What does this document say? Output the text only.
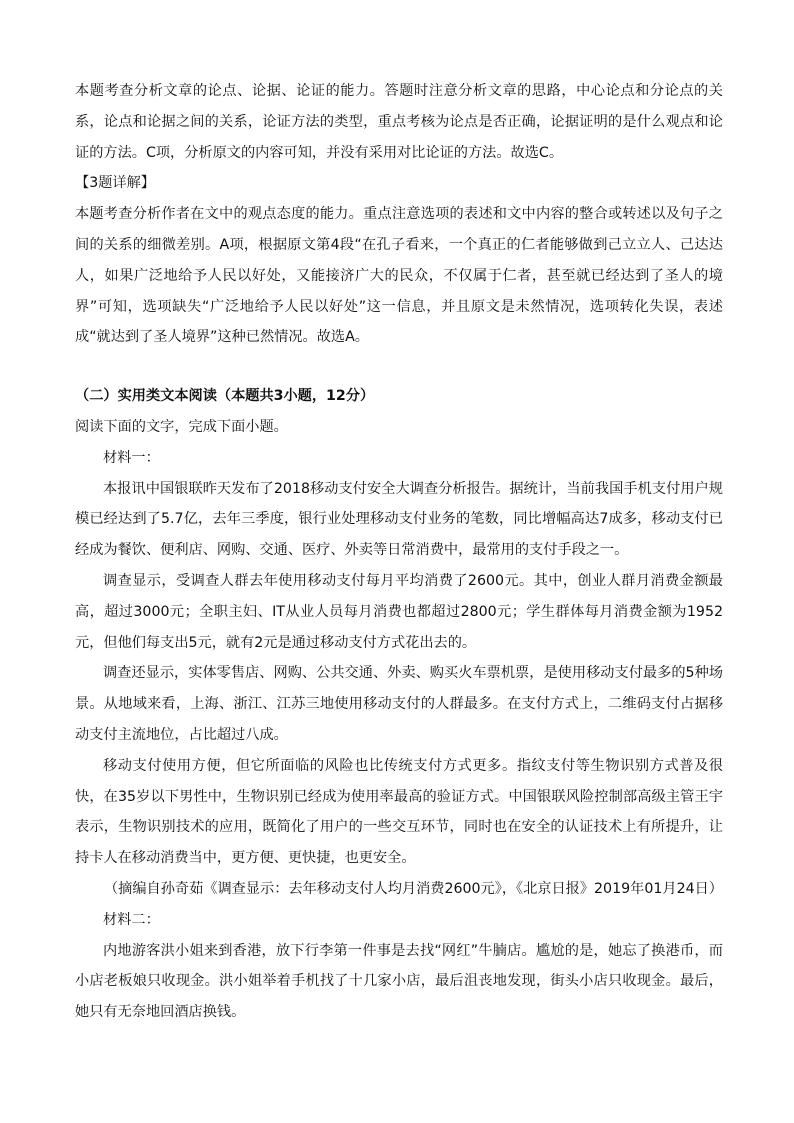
本题考查分析文章的论点、论据、论证的能力。答题时注意分析文章的思路，中心论点和分论点的关系，论点和论据之间的关系，论证方法的类型，重点考核为论点是否正确，论据证明的是什么观点和论证的方法。C项，分析原文的内容可知，并没有采用对比论证的方法。故选C。

【3题详解】

本题考查分析作者在文中的观点态度的能力。重点注意选项的表述和文中内容的整合或转述以及句子之间的关系的细微差别。A项，根据原文第4段“在孔子看来，一个真正的仁者能够做到己立立人、己达达人，如果广泛地给予人民以好处，又能接济广大的民众，不仅属于仁者，甚至就已经达到了圣人的境界”可知，选项缺失“广泛地给予人民以好处”这一信息，并且原文是未然情况，选项转化失误，表述成“就达到了圣人境界”这种已然情况。故选A。

（二）实用类文本阅读（本题共3小题，12分）

阅读下面的文字，完成下面小题。

材料一：

本报讯中国银联昨天发布了2018移动支付安全大调查分析报告。据统计，当前我国手机支付用户规模已经达到了5.7亿，去年三季度，银行业处理移动支付业务的笔数，同比增幅高达7成多，移动支付已经成为餐饮、便利店、网购、交通、医疗、外卖等日常消费中，最常用的支付手段之一。

调查显示，受调查人群去年使用移动支付每月平均消费了2600元。其中，创业人群月消费金额最高，超过3000元；全职主妇、IT从业人员每月消费也都超过2800元；学生群体每月消费金额为1952元，但他们每支出5元，就有2元是通过移动支付方式花出去的。

调查还显示，实体零售店、网购、公共交通、外卖、购买火车票机票，是使用移动支付最多的5种场景。从地域来看，上海、浙江、江苏三地使用移动支付的人群最多。在支付方式上，二维码支付占据移动支付主流地位，占比超过八成。

移动支付使用方便，但它所面临的风险也比传统支付方式更多。指纹支付等生物识别方式普及很快，在35岁以下男性中，生物识别已经成为使用率最高的验证方式。中国银联风险控制部高级主管王宇表示，生物识别技术的应用，既简化了用户的一些交互环节，同时也在安全的认证技术上有所提升，让持卡人在移动消费当中，更方便、更快捷，也更安全。

（摘编自孙奇茹《调查显示：去年移动支付人均月消费2600元》，《北京日报》2019年01月24日）

材料二：

内地游客洪小姐来到香港，放下行李第一件事是去找“网红”牛腩店。尴尬的是，她忘了换港币，而小店老板娘只收现金。洪小姐举着手机找了十几家小店，最后沮丧地发现，街头小店只收现金。最后，她只有无奈地回酒店换钱。
